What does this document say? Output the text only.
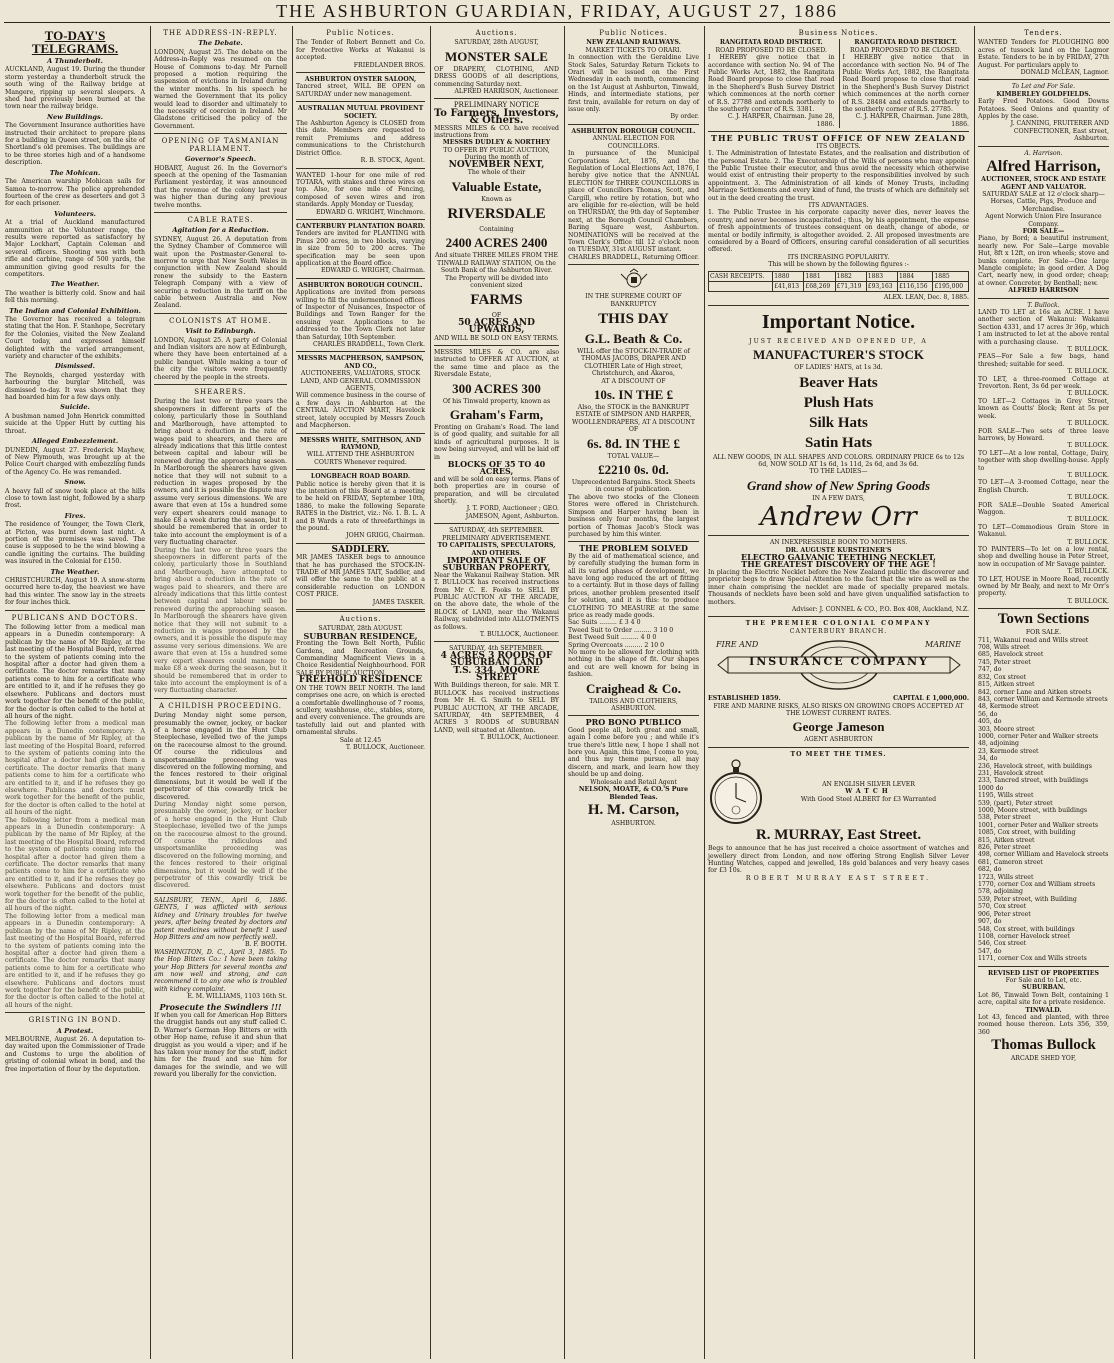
THE ASHBURTON GUARDIAN, FRIDAY, AUGUST 27, 1886
TO-DAY'S TELEGRAMS.
A Thunderbolt.
AUCKLAND, August 19. During the thunder storm yesterday a thunderbolt struck the south wing of the Railway bridge at Mangere, ripping up several sleepers. A shed had previously been burned at the town near the railway bridge.
New Buildings.
The Government Insurance authorities have instructed their architect to prepare plans for a building in Queen street, on the site of Shortland's old premises. The buildings are to be three stories high and of a handsome description.
The Mohican.
The American warship Mohican sails for Samoa to-morrow. The police apprehended fourteen of the crew as deserters and got 3 for each prisoner.
Volunteers.
At a trial of Auckland manufactured ammunition at the Volunteer range, the results were reported as satisfactory by Major Lockhart, Captain Coleman and several officers. Shooting was with both rifle and carbine, range of 500 yards, the ammunition giving good results for the competitors.
The Weather.
The weather is bitterly cold. Snow and hail fell this morning.
The Indian and Colonial Exhibition.
The Governor has received a telegram stating that the Hon. F. Stanhope, Secretary for the Colonies, visited the New Zealand Court today, and expressed himself delighted with the varied arrangement, variety and character of the exhibits.
Dismissed.
The Reynolds, charged yesterday with harbouring the burglar Mitchell, was dismissed to-day. It was shown that they had boarded him for a few days only.
Suicide.
A bushman named John Henrick committed suicide at the Upper Hutt by cutting his throat.
Alleged Embezzlement.
DUNEDIN, August 27. Frederick Mayhew, of New Plymouth, was brought up at the Police Court charged with embezzling funds of the Agency Co. He was remanded.
Snow.
A heavy fall of snow took place at the hills close to town last night, followed by a sharp frost.
Fires.
The residence of Younger, the Town Clerk, at Picton, was burnt down last night. A portion of the premises was saved. The cause is supposed to be the wind blowing a candle igniting the curtains. The building was insured in the Colonial for £150.
The Weather.
CHRISTCHURCH, August 19. A snow-storm occurred here to-day, the heaviest we have had this winter. The snow lay in the streets for four inches thick.
PUBLICANS AND DOCTORS.
The following letter from a medical man appears in a Dunedin contemporary: A publican by the name of Mr Ripley, at the last meeting of the Hospital Board, referred to the system of patients coming into the hospital after a doctor had given them a certificate. The doctor remarks that many patients come to him for a certificate who are entitled to it, and if he refuses they go elsewhere. Publicans and doctors must work together for the benefit of the public, for the doctor is often called to the hotel at all hours of the night.
The following letter from a medical man appears in a Dunedin contemporary: A publican by the name of Mr Ripley, at the last meeting of the Hospital Board, referred to the system of patients coming into the hospital after a doctor had given them a certificate. The doctor remarks that many patients come to him for a certificate who are entitled to it, and if he refuses they go elsewhere. Publicans and doctors must work together for the benefit of the public, for the doctor is often called to the hotel at all hours of the night.
The following letter from a medical man appears in a Dunedin contemporary: A publican by the name of Mr Ripley, at the last meeting of the Hospital Board, referred to the system of patients coming into the hospital after a doctor had given them a certificate. The doctor remarks that many patients come to him for a certificate who are entitled to it, and if he refuses they go elsewhere. Publicans and doctors must work together for the benefit of the public, for the doctor is often called to the hotel at all hours of the night.
The following letter from a medical man appears in a Dunedin contemporary: A publican by the name of Mr Ripley, at the last meeting of the Hospital Board, referred to the system of patients coming into the hospital after a doctor had given them a certificate. The doctor remarks that many patients come to him for a certificate who are entitled to it, and if he refuses they go elsewhere. Publicans and doctors must work together for the benefit of the public, for the doctor is often called to the hotel at all hours of the night.
GRISTING IN BOND.
A Protest.
MELBOURNE, August 26. A deputation to-day waited upon the Commissioner of Trade and Customs to urge the abolition of gristing of colonial wheat in bond, and the free importation of flour by the deputation.
THE ADDRESS-IN-REPLY.
The Debate.
LONDON, August 25. The debate on the Address-in-Reply was resumed on the House of Commons to-day. Mr Parnell proposed a motion requiring the suspension of evictions in Ireland during the winter months. In his speech he warned the Government that its policy would lead to disorder and ultimately to the necessity of coercion in Ireland. Mr Gladstone criticised the policy of the Government.
OPENING OF TASMANIAN PARLIAMENT.
Governor's Speech.
HOBART, August 26. In the Governor's speech at the opening of the Tasmanian Parliament yesterday, it was announced that the revenue of the colony last year was higher than during any previous twelve months.
CABLE RATES.
Agitation for a Reduction.
SYDNEY, August 26. A deputation from the Sydney Chamber of Commerce will wait upon the Postmaster-General to-morrow to urge that New South Wales in conjunction with New Zealand should renew the subsidy to the Eastern Telegraph Company with a view of securing a reduction in the tariff on the cable between Australia and New Zealand.
COLONISTS AT HOME.
Visit to Edinburgh.
LONDON, August 25. A party of Colonial and Indian visitors are now at Edinburgh, where they have been entertained at a public banquet. While making a tour of the city the visitors were frequently cheered by the people in the streets.
SHEARERS.
During the last two or three years the sheepowners in different parts of the colony, particularly those in Southland and Marlborough, have attempted to bring about a reduction in the rate of wages paid to shearers, and there are already indications that this little contest between capital and labour will be renewed during the approaching season. In Marlborough the shearers have given notice that they will not submit to a reduction in wages proposed by the owners, and it is possible the dispute may assume very serious dimensions. We are aware that even at 15s a hundred some very expert shearers could manage to make £8 a week during the season, but it should be remembered that in order to take into account the employment is of a very fluctuating character.
During the last two or three years the sheepowners in different parts of the colony, particularly those in Southland and Marlborough, have attempted to bring about a reduction in the rate of wages paid to shearers, and there are already indications that this little contest between capital and labour will be renewed during the approaching season. In Marlborough the shearers have given notice that they will not submit to a reduction in wages proposed by the owners, and it is possible the dispute may assume very serious dimensions. We are aware that even at 15s a hundred some very expert shearers could manage to make £8 a week during the season, but it should be remembered that in order to take into account the employment is of a very fluctuating character.
A CHILDISH PROCEEDING.
During Monday night some person, presumably the owner, jockey, or backer of a horse engaged in the Hunt Club Steeplechase, levelled two of the jumps on the racecourse almost to the ground. Of course the ridiculous and unsportsmanlike proceeding was discovered on the following morning, and the fences restored to their original dimensions, but it would be well if the perpetrator of this cowardly trick be discovered.
During Monday night some person, presumably the owner, jockey, or backer of a horse engaged in the Hunt Club Steeplechase, levelled two of the jumps on the racecourse almost to the ground. Of course the ridiculous and unsportsmanlike proceeding was discovered on the following morning, and the fences restored to their original dimensions, but it would be well if the perpetrator of this cowardly trick be discovered.
SALISBURY, TENN., April 6, 1886. GENTS, I was afflicted with serious kidney and Urinary troubles for twelve years, after being treated by doctors and patent medicines without benefit I used Hop Bitters and am now perfectly well.
B. F. BOOTH.
WASHINGTON, D. C., April 3, 1885. To the Hop Bitters Co.: I have been taking your Hop Bitters for several months and am now well and strong, and can recommend it to any one who is troubled with kidney complaint.
E. M. WILLIAMS, 1103 16th St.
Prosecute the Swindlers !!!
If when you call for American Hop Bitters the druggist hands out any stuff called C. D. Warner's German Hop Bitters or with other Hop name, refuse it and shun that druggist as you would a viper; and if he has taken your money for the stuff, indict him for the fraud and sue him for damages for the swindle, and we will reward you liberally for the conviction.
Public Notices.
The Tender of Robert Bennett and Co. for Protective Works at Wakanui is accepted.
FRIEDLANDER BROS.
ASHBURTON OYSTER SALOON,
Tancred street, WILL BE OPEN on SATURDAY under new management.
AUSTRALIAN MUTUAL PROVIDENT SOCIETY.
The Ashburton Agency is CLOSED from this date. Members are requested to remit Premiums and address communications to the Christchurch District Office.
R. B. STOCK, Agent.
WANTED 1-hour for one mile of red TOTARA, with stakes and three wires on top. Also, for one mile of Fencing, composed of seven wires and iron standards. Apply Monday or Tuesday,
EDWARD G. WRIGHT, Winchmore.
CANTERBURY PLANTATION BOARD.
Tenders are invited for PLANTING with Pinus 200 acres, in two blocks, varying in size from 50 to 200 acres. The specification may be seen upon application at the Board office.
EDWARD G. WRIGHT, Chairman.
ASHBURTON BOROUGH COUNCIL.
Applications are invited from persons willing to fill the undermentioned offices of Inspector of Nuisances, Inspector of Buildings and Town Ranger for the ensuing year. Applications to be addressed to the Town Clerk not later than Saturday, 10th September.
CHARLES BRADDELL, Town Clerk.
MESSRS MACPHERSON, SAMPSON, AND CO.,
AUCTIONEERS, VALUATORS, STOCK LAND, AND GENERAL COMMISSION AGENTS,
Will commence business in the course of a few days in Ashburton at the CENTRAL AUCTION MART, Havelock street, lately occupied by Messrs Zouch and Macpherson.
MESSRS WHITE, SMITHSON, AND RAYMOND,
WILL ATTEND THE ASHBURTON COURTS Whenever required.
LONGBEACH ROAD BOARD.
Public notice is hereby given that it is the intention of this Board at a meeting to be held on FRIDAY, September 10th, 1886, to make the following Separate RATES in the District, viz.: No. 1. B. L. A and B Wards a rate of threefarthings in the pound.
JOHN GRIGG, Chairman.
SADDLERY.
MR JAMES TASKER begs to announce that he has purchased the STOCK-IN-TRADE of MR JAMES TAIT, Saddler, and will offer the same to the public at a considerable reduction on LONDON COST PRICE.
JAMES TASKER.
Auctions.
SATURDAY, 28th AUGUST.
SUBURBAN RESIDENCE,
Fronting the Town Belt North, Public Gardens, and Recreation Grounds, Commanding Magnificent Views in a Choice Residential Neighbourhood. FOR SALE BY PUBLIC AUCTION.
FREEHOLD RESIDENCE
ON THE TOWN BELT NORTH. The land comprises one acre, on which is erected a comfortable dwellinghouse of 7 rooms, scullery, washhouse, etc., stables, store, and every convenience. The grounds are tastefully laid out and planted with ornamental shrubs.
Sale at 12.45
T. BULLOCK, Auctioneer.
Auctions.
SATURDAY, 28th AUGUST,
MONSTER SALE
OF DRAPERY, CLOTHING, AND DRESS GOODS of all descriptions, commencing Saturday next.
ALFRED HARRISON, Auctioneer.
PRELIMINARY NOTICE
To Farmers, Investors, & Others.
MESSRS MILES & CO. have received instructions from
MESSRS DUDLEY & NORTHEY
TO OFFER BY PUBLIC AUCTION, During the month of
NOVEMBER NEXT,
The whole of their
Valuable Estate,
Known as
RIVERSDALE
Containing
2400 ACRES 2400
And situate THREE MILES FROM THE TINWALD RAILWAY STATION, On the South Bank of the Ashburton River.
The Property will be divided into convenient sized
FARMS
OF
50 ACRES AND UPWARDS,
AND WILL BE SOLD ON EASY TERMS.
MESSRS MILES & CO. are also instructed to OFFER AT AUCTION, at the same time and place as the Riversdale Estate,
300 ACRES 300
Of his Tinwald property, known as
Graham's Farm,
Fronting on Graham's Road. The land is of good quality, and suitable for all kinds of agricultural purposes. It is now being surveyed, and will be laid off in
BLOCKS OF 35 TO 40 ACRES,
and will be sold on easy terms. Plans of both properties are in course of preparation, and will be circulated shortly.
J. T. FORD, Auctioneer ; GEO. JAMESON, Agent, Ashburton.
SATURDAY, 4th SEPTEMBER.
PRELIMINARY ADVERTISEMENT.
TO CAPITALISTS, SPECULATORS, AND OTHERS.
IMPORTANT SALE OF SUBURBAN PROPERTY,
Near the Wakanui Railway Station. MR T. BULLOCK has received instructions from Mr C. E. Fooks to SELL BY PUBLIC AUCTION AT THE ARCADE, on the above date, the whole of the BLOCK of LAND, near the Wakanui Railway, subdivided into ALLOTMENTS as follows.
T. BULLOCK, Auctioneer.
SATURDAY, 4th SEPTEMBER.
4 ACRES 3 ROODS OF SUBURBAN LAND
T.S. 334, MOORE STREET
With Buildings thereon, for sale. MR T. BULLOCK has received instructions from Mr H. G. Smith to SELL BY PUBLIC AUCTION, AT THE ARCADE, SATURDAY, 4th SEPTEMBER, 4 ACRES 3 ROODS of SUBURBAN LAND, well situated at Allenton.
T. BULLOCK, Auctioneer.
Public Notices.
NEW ZEALAND RAILWAYS.
MARKET TICKETS TO ORARI.
In connection with the Geraldine Live Stock Sales, Saturday Return Tickets to Orari will be issued on the First Wednesday in each month, commencing on the 1st August at Ashburton, Tinwald, Hinds, and intermediate stations, per first train, available for return on day of issue only.
By order.
ASHBURTON BOROUGH COUNCIL.
ANNUAL ELECTION FOR COUNCILLORS.
In pursuance of the Municipal Corporations Act, 1876, and the Regulation of Local Elections Act, 1876, I hereby give notice that the ANNUAL ELECTION for THREE COUNCILLORS in place of Councillors Thomas, Scott, and Cargill, who retire by rotation, but who are eligible for re-election, will be held on THURSDAY, the 9th day of September next, at the Borough Council Chambers, Baring Square west, Ashburton. NOMINATIONS will be received at the Town Clerk's Office till 12 o'clock noon on TUESDAY, 31st AUGUST instant.
CHARLES BRADDELL, Returning Officer.
IN THE SUPREME COURT OF BANKRUPTCY
THIS DAY
G.L. Beath & Co.
WILL offer the STOCK-IN-TRADE of THOMAS JACOBS, DRAPER AND CLOTHIER Late of High street, Christchurch, and Akaroa,
AT A DISCOUNT OF
10s. IN THE £
Also, the STOCK in the BANKRUPT ESTATE of SIMPSON AND HARPER, WOOLLENDRAPERS, AT A DISCOUNT OF
6s. 8d. IN THE £
TOTAL VALUE—
£2210 0s. 0d.
Unprecedented Bargains. Stock Sheets in course of publication.
The above two stocks of the Cloneen Stores were offered in Christchurch. Simpson and Harper having been in business only four months, the largest portion of Thomas Jacob's Stock was purchased by him this winter.
THE PROBLEM SOLVED
By the aid of mathematical science, and by carefully studying the human form in all its varied phases of development, we have long ago reduced the art of fitting to a certainty. But in those days of falling prices, another problem presented itself for solution, and it is this: to produce CLOTHING TO MEASURE at the same price as ready made goods.
Sac Suits ......... £ 3 4 0
Tweed Suit to Order ......... 3 10 0
Best Tweed Suit ......... 4 0 0
Spring Overcoats ......... 2 10 0
No more to be allowed for clothing with nothing in the shape of fit. Our shapes and cut are well known for being in fashion.
Craighead & Co.
TAILORS AND CLOTHIERS, ASHBURTON.
PRO BONO PUBLICO
Good people all, both great and small, again I come before you ; and while it's true there's little new, I hope I shall not bore you. Again, this time, I come to you, and thus my theme pursue, all may discern, and mark, and learn how they should be up and doing.
Wholesale and Retail Agent
NELSON, MOATE, & CO.'S Pure Blended Teas.
H. M. Carson,
ASHBURTON.
Business Notices.
RANGITATA ROAD DISTRICT.
ROAD PROPOSED TO BE CLOSED.
I HEREBY give notice that in accordance with section No. 94 of The Public Works Act, 1882, the Rangitata Road Board propose to close that road in the Shepherd's Bush Survey District which commences at the north corner of R.S. 27788 and extends northerly to the southerly corner of R.S. 3381.
C. J. HARPER, Chairman. June 28, 1886.
RANGITATA ROAD DISTRICT.
ROAD PROPOSED TO BE CLOSED.
I HEREBY give notice that in accordance with section No. 94 of The Public Works Act, 1882, the Rangitata Road Board propose to close that road in the Shepherd's Bush Survey District which commences at the north corner of R.S. 28484 and extends northerly to the southerly corner of R.S. 27785.
C. J. HARPER, Chairman. June 28th, 1886.
THE PUBLIC TRUST OFFICE OF NEW ZEALAND
ITS OBJECTS.
1. The Administration of Intestate Estates, and the realisation and distribution of the personal Estate. 2. The Executorship of the Wills of persons who may appoint the Public Trustee their executor, and thus avoid the necessity which otherwise would exist of entrusting their property to the responsibilities involved by such appointment. 3. The Administration of all kinds of Money Trusts, including Marriage Settlements and every kind of fund, the trusts of which are definitely set out in the deed creating the trust.
ITS ADVANTAGES.
1. The Public Trustee in his corporate capacity never dies, never leaves the country, and never becomes incapacitated ; thus, by his appointment, the expense of fresh appointments of trustees consequent on death, change of abode, or mental or bodily infirmity, is altogether avoided. 2. All proposed investments are considered by a Board of Officers, ensuring careful consideration of all securities offered.
ITS INCREASING POPULARITY.
This will be shown by the following figures :-
CASH RECEIPTS.	1880	1881	1882	1883	1884	1885
	£41,813	£68,269	£71,319	£93,163	£116,156	£195,000
ALEX. LEAN, Dec. 8, 1885.
Important Notice.
JUST RECEIVED AND OPENED UP, A
MANUFACTURER'S STOCK
OF LADIES' HATS, at 1s 3d.
Beaver Hats
Plush Hats
Silk Hats
Satin Hats
ALL NEW GOODS, IN ALL SHAPES AND COLORS. ORDINARY PRICE 6s to 12s 6d, NOW SOLD AT 1s 6d, 1s 11d, 2s 6d, and 3s 6d.
TO THE LADIES—
Grand show of New Spring Goods
IN A FEW DAYS,
Andrew Orr
AN INEXPRESSIBLE BOON TO MOTHERS.
DR. AUGUSTE KURSTEINER'S
ELECTRO GALVANIC TEETHING NECKLET,
THE GREATEST DISCOVERY OF THE AGE !
In placing the Electric Necklet before the New Zealand public the discoverer and proprietor begs to draw Special Attention to the fact that the wire as well as the inner chain comprising the necklet are made of specially prepared metals. Thousands of necklets have been sold and have given unqualified satisfaction to mothers.
Adviser: J. CONNEL & CO., P.O. Box 408, Auckland, N.Z.
THE PREMIER COLONIAL COMPANY
CANTERBURY BRANCH.
FIRE AND	MARINE
INSURANCE COMPANY
ESTABLISHED 1859.	CAPITAL £ 1,000,000.
FIRE AND MARINE RISKS, ALSO RISKS ON GROWING CROPS ACCEPTED AT THE LOWEST CURRENT RATES.
George Jameson
AGENT ASHBURTON
TO MEET THE TIMES.
AN ENGLISH SILVER LEVER
WATCH
With Good Steel ALBERT for £3 Warranted
R. MURRAY, East Street.
Begs to announce that he has just received a choice assortment of watches and jewellery direct from London, and now offering Strong English Silver Lever Hunting Watches, capped and jewelled, 18s gold balances and very heavy cases for £3 10s.
ROBERT MURRAY EAST STREET.
Tenders.
WANTED Tenders for PLOUGHING 800 acres of tussock land on the Lagmor Estate. Tenders to be in by FRIDAY, 27th August. For particulars apply to
DONALD McLEAN, Lagmor.
To Let and For Sale.
KIMBERLEY GOLDFIELDS.
Early Fred Potatoes. Good Downs Potatoes. Seed Onions and quantity of Apples by the case.
J. CANNING, FRUITERER AND CONFECTIONER, East street, Ashburton.
A. Harrison.
Alfred Harrison,
AUCTIONEER, STOCK AND ESTATE AGENT AND VALUATOR.
SATURDAY SALE at 12 o'clock sharp—Horses, Cattle, Pigs, Produce and Merchandise.
Agent Norwich Union Fire Insurance Company.
FOR SALE—
Piano, by Bord; a beautiful instrument, nearly new. For Sale—Large movable Hut, 8ft x 12ft, on iron wheels; stove and bunks complete. For Sale—One large Mangle complete; in good order. A Dog Cart, nearly new, in good order; cheap; at owner. Concreter, by Benthall; new.
ALFRED HARRISON
T. Bullock.
LAND TO LET at 16s an ACRE. I have another section of Wakanui: Wakanui Section 4331, and 17 acres 3r 36p, which I am instructed to let at the above rental with a purchasing clause.
T. BULLOCK.
PEAS—For Sale a few bags, hand threshed; suitable for seed.
T. BULLOCK.
TO LET, a three-roomed Cottage at Trevorton. Rent, 3s 6d per week.
T. BULLOCK.
TO LET—2 Cottages in Grey Street, known as Coutts' block; Rent at 5s per week.
T. BULLOCK.
FOR SALE—Two sets of three leave harrows, by Howard.
T. BULLOCK.
TO LET—At a low rental, Cottage, Dairy, together with shop dwelling-house. Apply to
T. BULLOCK.
TO LET—A 3-roomed Cottage, near the English Church.
T. BULLOCK.
FOR SALE—Double Seated Americal Waggon.
T. BULLOCK.
TO LET—Commodious Grain Store in Wakanui.
T. BULLOCK.
TO PAINTERS—To let on a low rental, shop and dwelling house in Peter Street, now in occupation of Mr Savage painter.
T. BULLOCK.
TO LET, HOUSE in Moore Road, recently owned by Mr Bealy, and next to Mr Orr's property.
T. BULLOCK.
Town Sections
FOR SALE.
711, Wakanui road and Wills street
708, Wills street
685, Havelock street
745, Peter street
747, do
832, Cox street
815, Aitken street
842, corner Lane and Aitken streets
843, corner William and Kermode streets
48, Kermode street
56, do
405, do
303, Moore street
1000, corner Peter and Walker streets
48, adjoining
23, Kermode street
34, do
236, Havelock street, with buildings
231, Havelock street
233, Tancred street, with buildings
1000 do
1195, Wills street
539, (part), Peter street
1000, Moore street, with buildings
538, Peter street
1001, corner Peter and Walker streets
1085, Cox street, with building
815, Aitken street
826, Peter street
498, corner William and Havelock streets
681, Cameron street
682, do
1723, Wills street
1770, corner Cox and William streets
578, adjoining
539, Peter street, with Building
570, Cox street
906, Peter street
907, do
548, Cox street, with buildings
1108, corner Havelock street
546, Cox street
547, do
1171, corner Cox and Wills streets
REVISED LIST OF PROPERTIES
For Sale and to Let, etc.
SUBURBAN.
Lot 86, Tinwald Town Belt, containing 1 acre, capital site for a private residence.
TINWALD.
Lot 43, fenced and planted, with three roomed house thereon. Lots 356, 359, 360
Thomas Bullock
ARCADE SHED YOF,
